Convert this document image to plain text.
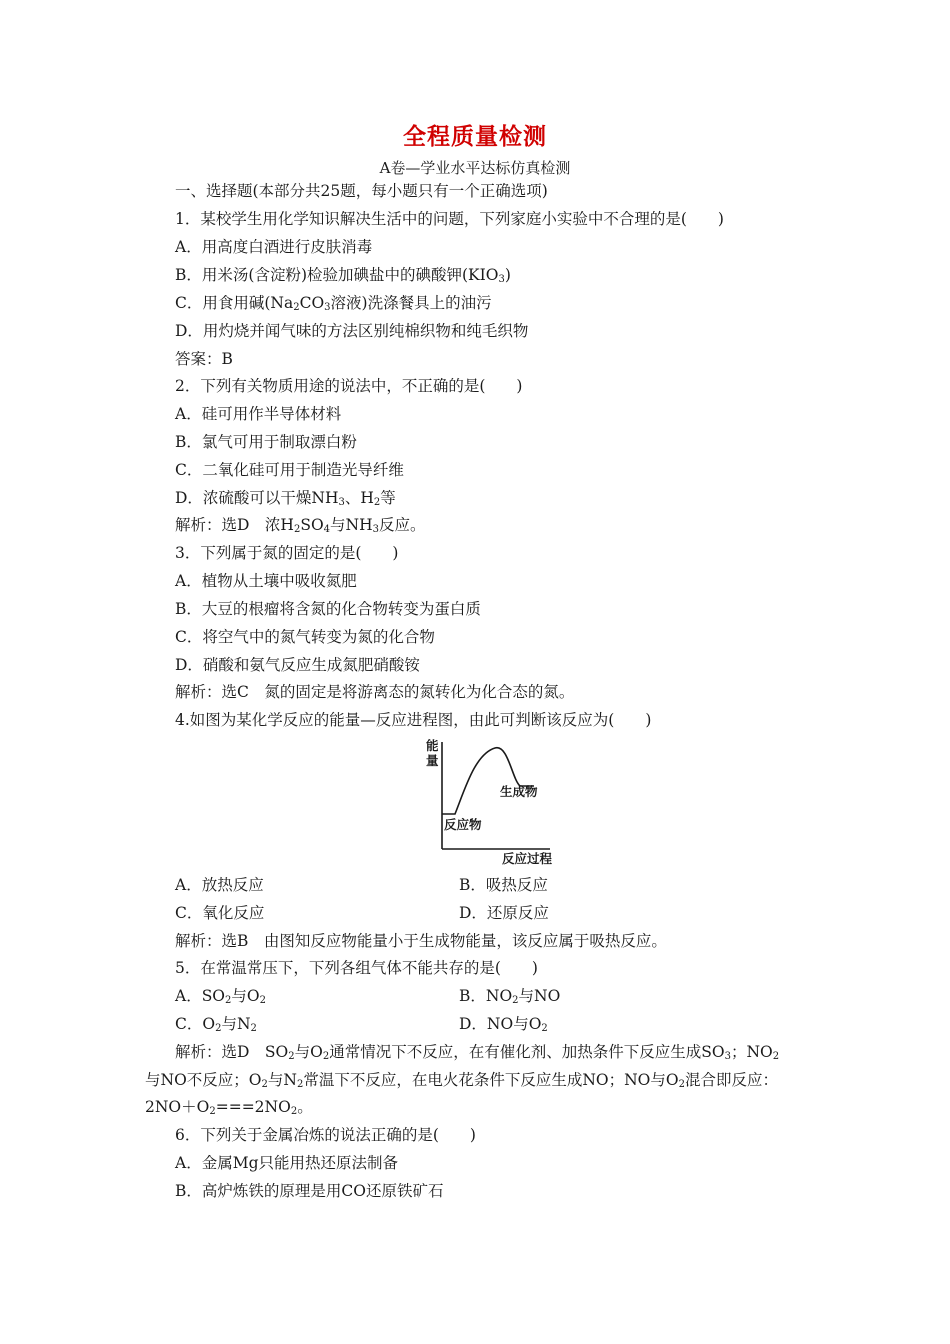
全程质量检测
A卷—学业水平达标仿真检测
一、选择题(本部分共25题，每小题只有一个正确选项)
1．某校学生用化学知识解决生活中的问题，下列家庭小实验中不合理的是(　　)
A．用高度白酒进行皮肤消毒
B．用米汤(含淀粉)检验加碘盐中的碘酸钾$(KIO_3)$
C．用食用碱($Na_2CO_3$溶液)洗涤餐具上的油污
D．用灼烧并闻气味的方法区别纯棉织物和纯毛织物
答案：B
2．下列有关物质用途的说法中，不正确的是(　　)
A．硅可用作半导体材料
B．氯气可用于制取漂白粉
C．二氧化硅可用于制造光导纤维
D．浓硫酸可以干燥$NH_3$、$H_2$等
解析：选D　浓$H_2SO_4$与$NH_3$反应。
3．下列属于氮的固定的是(　　)
A．植物从土壤中吸收氮肥
B．大豆的根瘤将含氮的化合物转变为蛋白质
C．将空气中的氮气转变为氮的化合物
D．硝酸和氨气反应生成氮肥硝酸铵
解析：选C　氮的固定是将游离态的氮转化为化合态的氮。
4.如图为某化学反应的能量—反应进程图，由此可判断该反应为(　　)
能
量
生成物
反应物
反应过程
A．放热反应	B．吸热反应
C．氧化反应	D．还原反应
解析：选B　由图知反应物能量小于生成物能量，该反应属于吸热反应。
5．在常温常压下，下列各组气体不能共存的是(　　)
A．$SO_2$与$O_2$	B．$NO_2$与NO
C．$O_2$与$N_2$	D．NO与$O_2$
解析：选D　$SO_2$与$O_2$通常情况下不反应，在有催化剂、加热条件下反应生成$SO_3$；$NO_2$
与NO不反应；$O_2$与$N_2$常温下不反应，在电火花条件下反应生成NO；NO与$O_2$混合即反应：
$2NO+O_2===2NO_2$。
6．下列关于金属冶炼的说法正确的是(　　)
A．金属Mg只能用热还原法制备
B．高炉炼铁的原理是用CO还原铁矿石
